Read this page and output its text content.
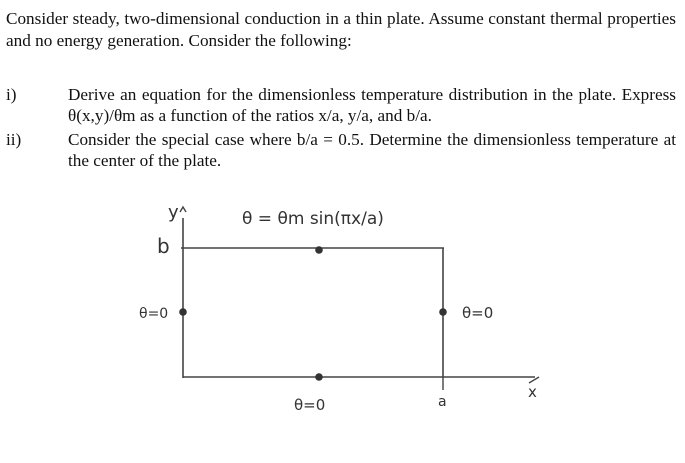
Consider steady, two-dimensional conduction in a thin plate. Assume constant thermal properties and no energy generation. Consider the following:
i)	Derive an equation for the dimensionless temperature distribution in the plate. Express θ(x,y)/θm as a function of the ratios x/a, y/a, and b/a.
ii)	Consider the special case where b/a = 0.5. Determine the dimensionless temperature at the center of the plate.
y
b
θ = θm sin(πx/a)
θ=0	θ=0
θ=0	a
x
